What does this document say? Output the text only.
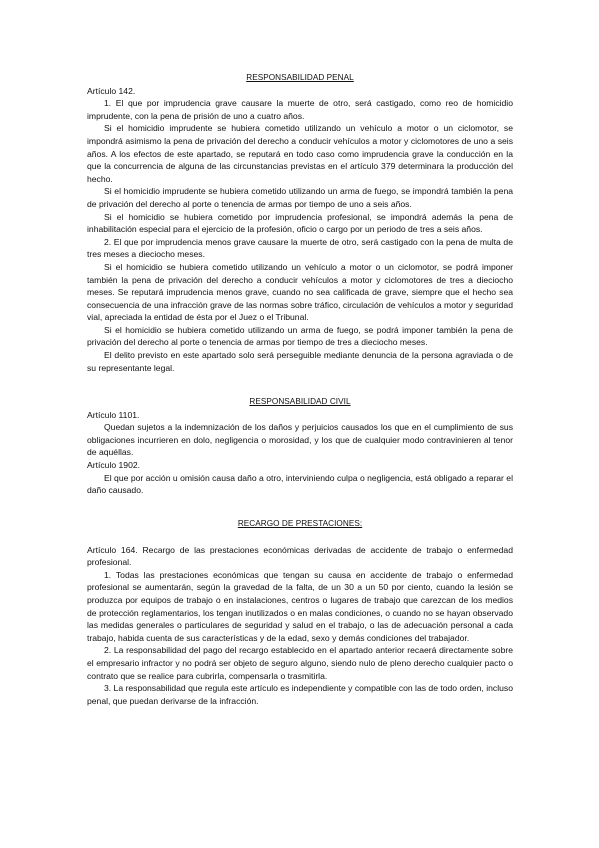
RESPONSABILIDAD PENAL
Artículo 142.

1. El que por imprudencia grave causare la muerte de otro, será castigado, como reo de homicidio imprudente, con la pena de prisión de uno a cuatro años.

Si el homicidio imprudente se hubiera cometido utilizando un vehículo a motor o un ciclomotor, se impondrá asimismo la pena de privación del derecho a conducir vehículos a motor y ciclomotores de uno a seis años. A los efectos de este apartado, se reputará en todo caso como imprudencia grave la conducción en la que la concurrencia de alguna de las circunstancias previstas en el artículo 379 determinara la producción del hecho.

Si el homicidio imprudente se hubiera cometido utilizando un arma de fuego, se impondrá también la pena de privación del derecho al porte o tenencia de armas por tiempo de uno a seis años.

Si el homicidio se hubiera cometido por imprudencia profesional, se impondrá además la pena de inhabilitación especial para el ejercicio de la profesión, oficio o cargo por un periodo de tres a seis años.

2. El que por imprudencia menos grave causare la muerte de otro, será castigado con la pena de multa de tres meses a dieciocho meses.

Si el homicidio se hubiera cometido utilizando un vehículo a motor o un ciclomotor, se podrá imponer también la pena de privación del derecho a conducir vehículos a motor y ciclomotores de tres a dieciocho meses. Se reputará imprudencia menos grave, cuando no sea calificada de grave, siempre que el hecho sea consecuencia de una infracción grave de las normas sobre tráfico, circulación de vehículos a motor y seguridad vial, apreciada la entidad de ésta por el Juez o el Tribunal.

Si el homicidio se hubiera cometido utilizando un arma de fuego, se podrá imponer también la pena de privación del derecho al porte o tenencia de armas por tiempo de tres a dieciocho meses.

El delito previsto en este apartado solo será perseguible mediante denuncia de la persona agraviada o de su representante legal.

RESPONSABILIDAD CIVIL
Artículo 1101.

Quedan sujetos a la indemnización de los daños y perjuicios causados los que en el cumplimiento de sus obligaciones incurrieren en dolo, negligencia o morosidad, y los que de cualquier modo contravinieren al tenor de aquéllas.

Artículo 1902.

El que por acción u omisión causa daño a otro, interviniendo culpa o negligencia, está obligado a reparar el daño causado.

RECARGO DE PRESTACIONES:

Artículo 164. Recargo de las prestaciones económicas derivadas de accidente de trabajo o enfermedad profesional.

1. Todas las prestaciones económicas que tengan su causa en accidente de trabajo o enfermedad profesional se aumentarán, según la gravedad de la falta, de un 30 a un 50 por ciento, cuando la lesión se produzca por equipos de trabajo o en instalaciones, centros o lugares de trabajo que carezcan de los medios de protección reglamentarios, los tengan inutilizados o en malas condiciones, o cuando no se hayan observado las medidas generales o particulares de seguridad y salud en el trabajo, o las de adecuación personal a cada trabajo, habida cuenta de sus características y de la edad, sexo y demás condiciones del trabajador.

2. La responsabilidad del pago del recargo establecido en el apartado anterior recaerá directamente sobre el empresario infractor y no podrá ser objeto de seguro alguno, siendo nulo de pleno derecho cualquier pacto o contrato que se realice para cubrirla, compensarla o trasmitirla.

3. La responsabilidad que regula este artículo es independiente y compatible con las de todo orden, incluso penal, que puedan derivarse de la infracción.
